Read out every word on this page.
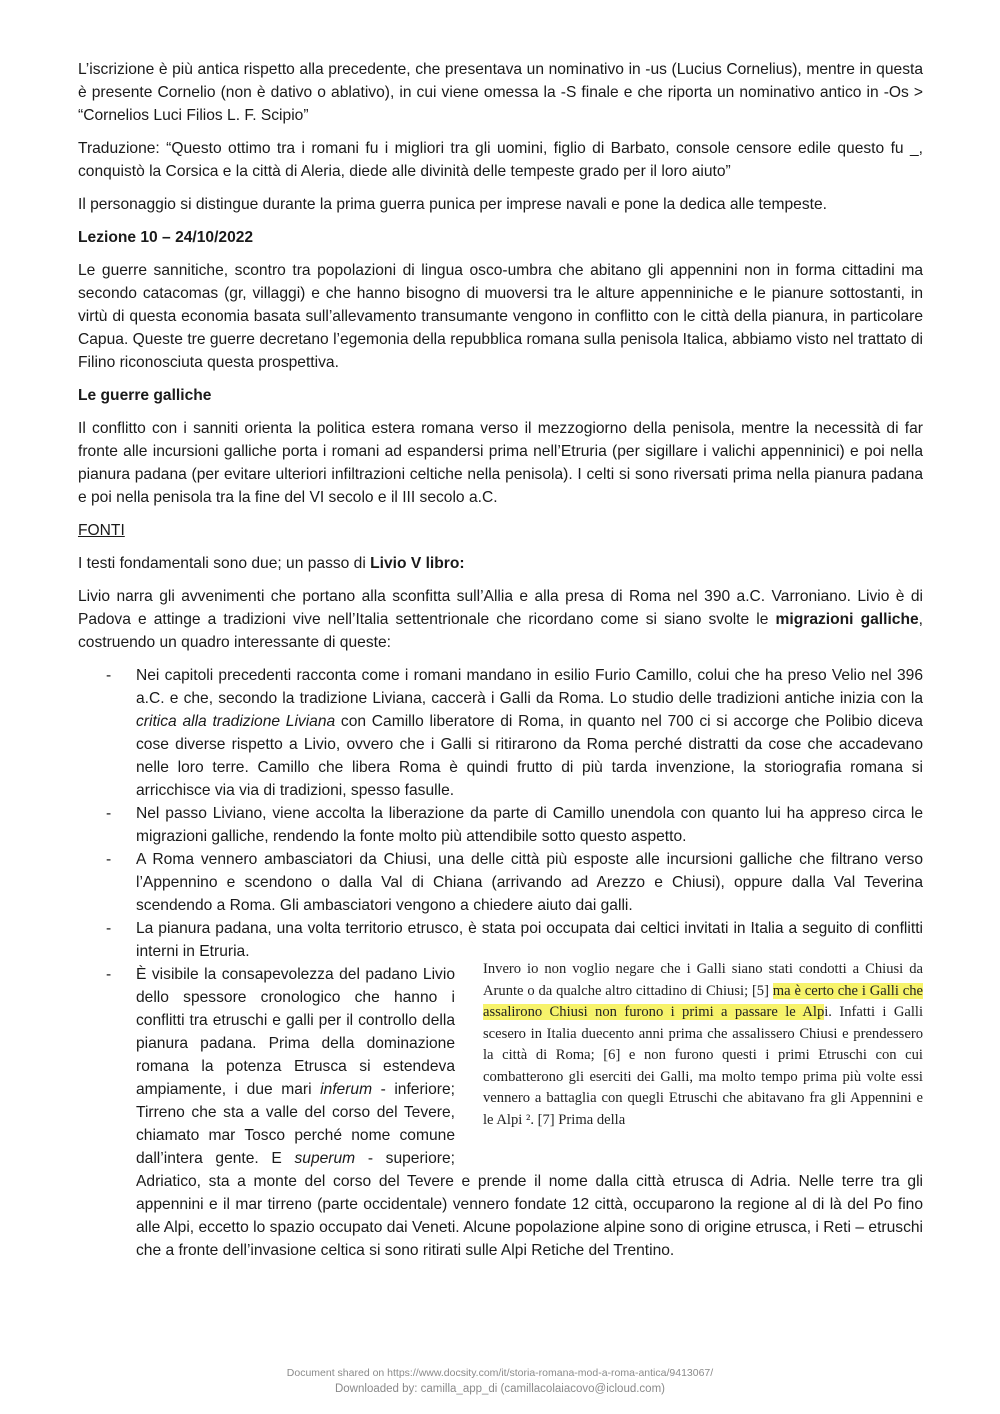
L’iscrizione è più antica rispetto alla precedente, che presentava un nominativo in -us (Lucius Cornelius), mentre in questa è presente Cornelio (non è dativo o ablativo), in cui viene omessa la -S finale e che riporta un nominativo antico in -Os > “Cornelios Luci Filios L. F. Scipio”

Traduzione: “Questo ottimo tra i romani fu i migliori tra gli uomini, figlio di Barbato, console censore edile questo fu _, conquistò la Corsica e la città di Aleria, diede alle divinità delle tempeste grado per il loro aiuto”

Il personaggio si distingue durante la prima guerra punica per imprese navali e pone la dedica alle tempeste.

Lezione 10 – 24/10/2022

Le guerre sannitiche, scontro tra popolazioni di lingua osco-umbra che abitano gli appennini non in forma cittadini ma secondo catacomas (gr, villaggi) e che hanno bisogno di muoversi tra le alture appenniniche e le pianure sottostanti, in virtù di questa economia basata sull’allevamento transumante vengono in conflitto con le città della pianura, in particolare Capua. Queste tre guerre decretano l’egemonia della repubblica romana sulla penisola Italica, abbiamo visto nel trattato di Filino riconosciuta questa prospettiva.

Le guerre galliche

Il conflitto con i sanniti orienta la politica estera romana verso il mezzogiorno della penisola, mentre la necessità di far fronte alle incursioni galliche porta i romani ad espandersi prima nell’Etruria (per sigillare i valichi appenninici) e poi nella pianura padana (per evitare ulteriori infiltrazioni celtiche nella penisola). I celti si sono riversati prima nella pianura padana e poi nella penisola tra la fine del VI secolo e il III secolo a.C.

FONTI

I testi fondamentali sono due; un passo di Livio V libro:

Livio narra gli avvenimenti che portano alla sconfitta sull’Allia e alla presa di Roma nel 390 a.C. Varroniano. Livio è di Padova e attinge a tradizioni vive nell’Italia settentrionale che ricordano come si siano svolte le migrazioni galliche, costruendo un quadro interessante di queste:

- Nei capitoli precedenti racconta come i romani mandano in esilio Furio Camillo, colui che ha preso Velio nel 396 a.C. e che, secondo la tradizione Liviana, caccerà i Galli da Roma. Lo studio delle tradizioni antiche inizia con la critica alla tradizione Liviana con Camillo liberatore di Roma, in quanto nel 700 ci si accorge che Polibio diceva cose diverse rispetto a Livio, ovvero che i Galli si ritirarono da Roma perché distratti da cose che accadevano nelle loro terre. Camillo che libera Roma è quindi frutto di più tarda invenzione, la storiografia romana si arricchisce via via di tradizioni, spesso fasulle.
- Nel passo Liviano, viene accolta la liberazione da parte di Camillo unendola con quanto lui ha appreso circa le migrazioni galliche, rendendo la fonte molto più attendibile sotto questo aspetto.
- A Roma vennero ambasciatori da Chiusi, una delle città più esposte alle incursioni galliche che filtrano verso l’Appennino e scendono o dalla Val di Chiana (arrivando ad Arezzo e Chiusi), oppure dalla Val Teverina scendendo a Roma. Gli ambasciatori vengono a chiedere aiuto dai galli.
- La pianura padana, una volta territorio etrusco, è stata poi occupata dai celtici invitati in Italia a seguito di conflitti interni in Etruria.
-	Invero io non voglio negare che i Galli siano stati condotti a Chiusi da Arunte o da qualche altro cittadino di Chiusi; [5] ma è certo che i Galli che assalirono Chiusi non furono i primi a passare le Alpi. Infatti i Galli scesero in Italia duecento anni prima che assalissero Chiusi e prendessero la città di Roma; [6] e non furono questi i primi Etruschi con cui combatterono gli eserciti dei Galli, ma molto tempo prima più volte essi vennero a battaglia con quegli Etruschi che abitavano fra gli Appennini e le Alpi ². [7] Prima della
È visibile la consapevolezza del padano Livio dello spessore cronologico che hanno i conflitti tra etruschi e galli per il controllo della pianura padana. Prima della dominazione romana la potenza Etrusca si estendeva ampiamente, i due mari inferum - inferiore; Tirreno che sta a valle del corso del Tevere, chiamato mar Tosco perché nome comune dall’intera gente. E superum - superiore; Adriatico, sta a monte del corso del Tevere e prende il nome dalla città etrusca di Adria. Nelle terre tra gli appennini e il mar tirreno (parte occidentale) vennero fondate 12 città, occuparono la regione al di là del Po fino alle Alpi, eccetto lo spazio occupato dai Veneti. Alcune popolazione alpine sono di origine etrusca, i Reti – etruschi che a fronte dell’invasione celtica si sono ritirati sulle Alpi Retiche del Trentino.
Document shared on https://www.docsity.com/it/storia-romana-mod-a-roma-antica/9413067/
Downloaded by: camilla_app_di (camillacolaiacovo@icloud.com)
